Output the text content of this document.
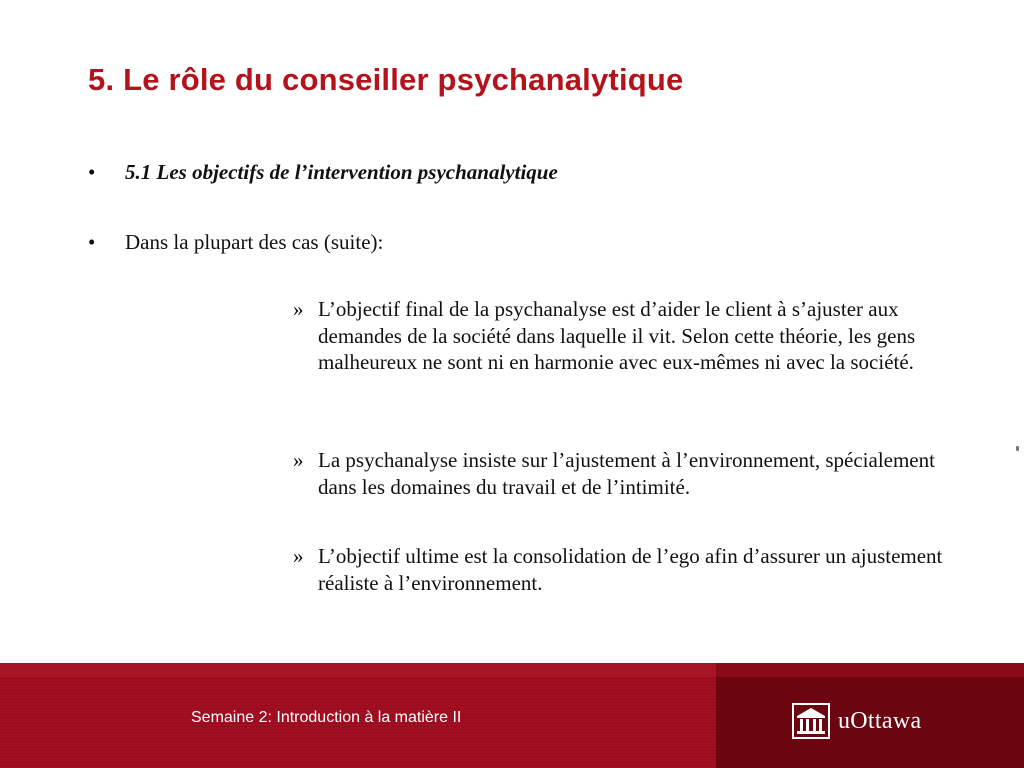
5. Le rôle du conseiller psychanalytique
• 5.1 Les objectifs de l’intervention psychanalytique
• Dans la plupart des cas (suite):
» L’objectif final de la psychanalyse est d’aider le client à s’ajuster aux demandes de la société dans laquelle il vit. Selon cette théorie, les gens malheureux ne sont ni en harmonie avec eux-mêmes ni avec la société.
» La psychanalyse insiste sur l’ajustement à l’environnement, spécialement dans les domaines du travail et de l’intimité.
» L’objectif ultime est la consolidation de l’ego afin d’assurer un ajustement réaliste à l’environnement.
uOttawa
Semaine 2: Introduction à la matière II
